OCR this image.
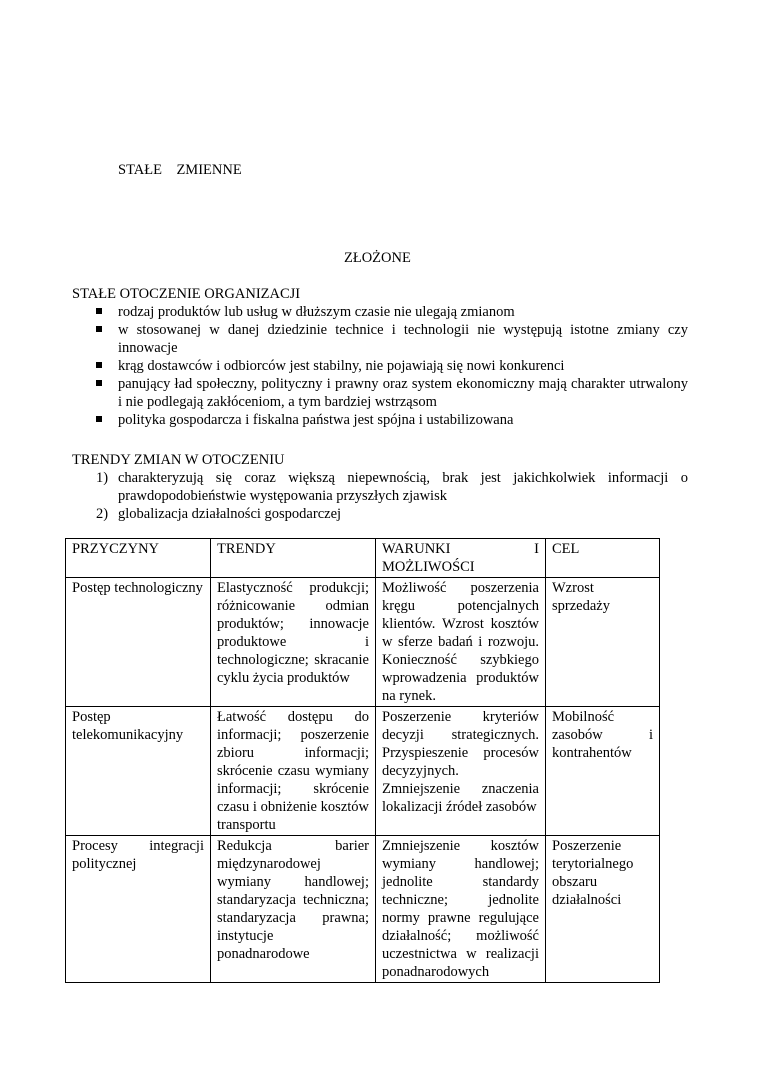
STAŁE    ZMIENNE
ZŁOŻONE

STAŁE OTOCZENIE ORGANIZACJI

rodzaj produktów lub usług w dłuższym czasie nie ulegają zmianom
w stosowanej w danej dziedzinie technice i technologii nie występują istotne zmiany czy innowacje
krąg dostawców i odbiorców jest stabilny, nie pojawiają się nowi konkurenci
panujący ład społeczny, polityczny i prawny oraz system ekonomiczny mają charakter utrwalony i nie podlegają zakłóceniom, a tym bardziej wstrząsom
polityka gospodarcza i fiskalna państwa jest spójna i ustabilizowana

TRENDY ZMIAN W OTOCZENIU

1) charakteryzują się coraz większą niepewnością, brak jest jakichkolwiek informacji o prawdopodobieństwie występowania przyszłych zjawisk
2) globalizacja działalności gospodarczej
PRZYCZYNY	TRENDY	WARUNKI I MOŻLIWOŚCI	CEL
Postęp technologiczny	Elastyczność produkcji; różnicowanie odmian produktów; innowacje produktowe i technologiczne; skracanie cyklu życia produktów	Możliwość poszerzenia kręgu potencjalnych klientów. Wzrost kosztów w sferze badań i rozwoju. Konieczność szybkiego wprowadzenia produktów na rynek.	Wzrost sprzedaży
Postęp telekomunikacyjny	Łatwość dostępu do informacji; poszerzenie zbioru informacji; skrócenie czasu wymiany informacji; skrócenie czasu i obniżenie kosztów transportu	Poszerzenie kryteriów decyzji strategicznych. Przyspieszenie procesów decyzyjnych. Zmniejszenie znaczenia lokalizacji źródeł zasobów	Mobilność zasobów i kontrahentów
Procesy integracji politycznej	Redukcja barier międzynarodowej wymiany handlowej; standaryzacja techniczna; standaryzacja prawna; instytucje ponadnarodowe	Zmniejszenie kosztów wymiany handlowej; jednolite standardy techniczne; jednolite normy prawne regulujące działalność; możliwość uczestnictwa w realizacji ponadnarodowych	Poszerzenie terytorialnego obszaru działalności
